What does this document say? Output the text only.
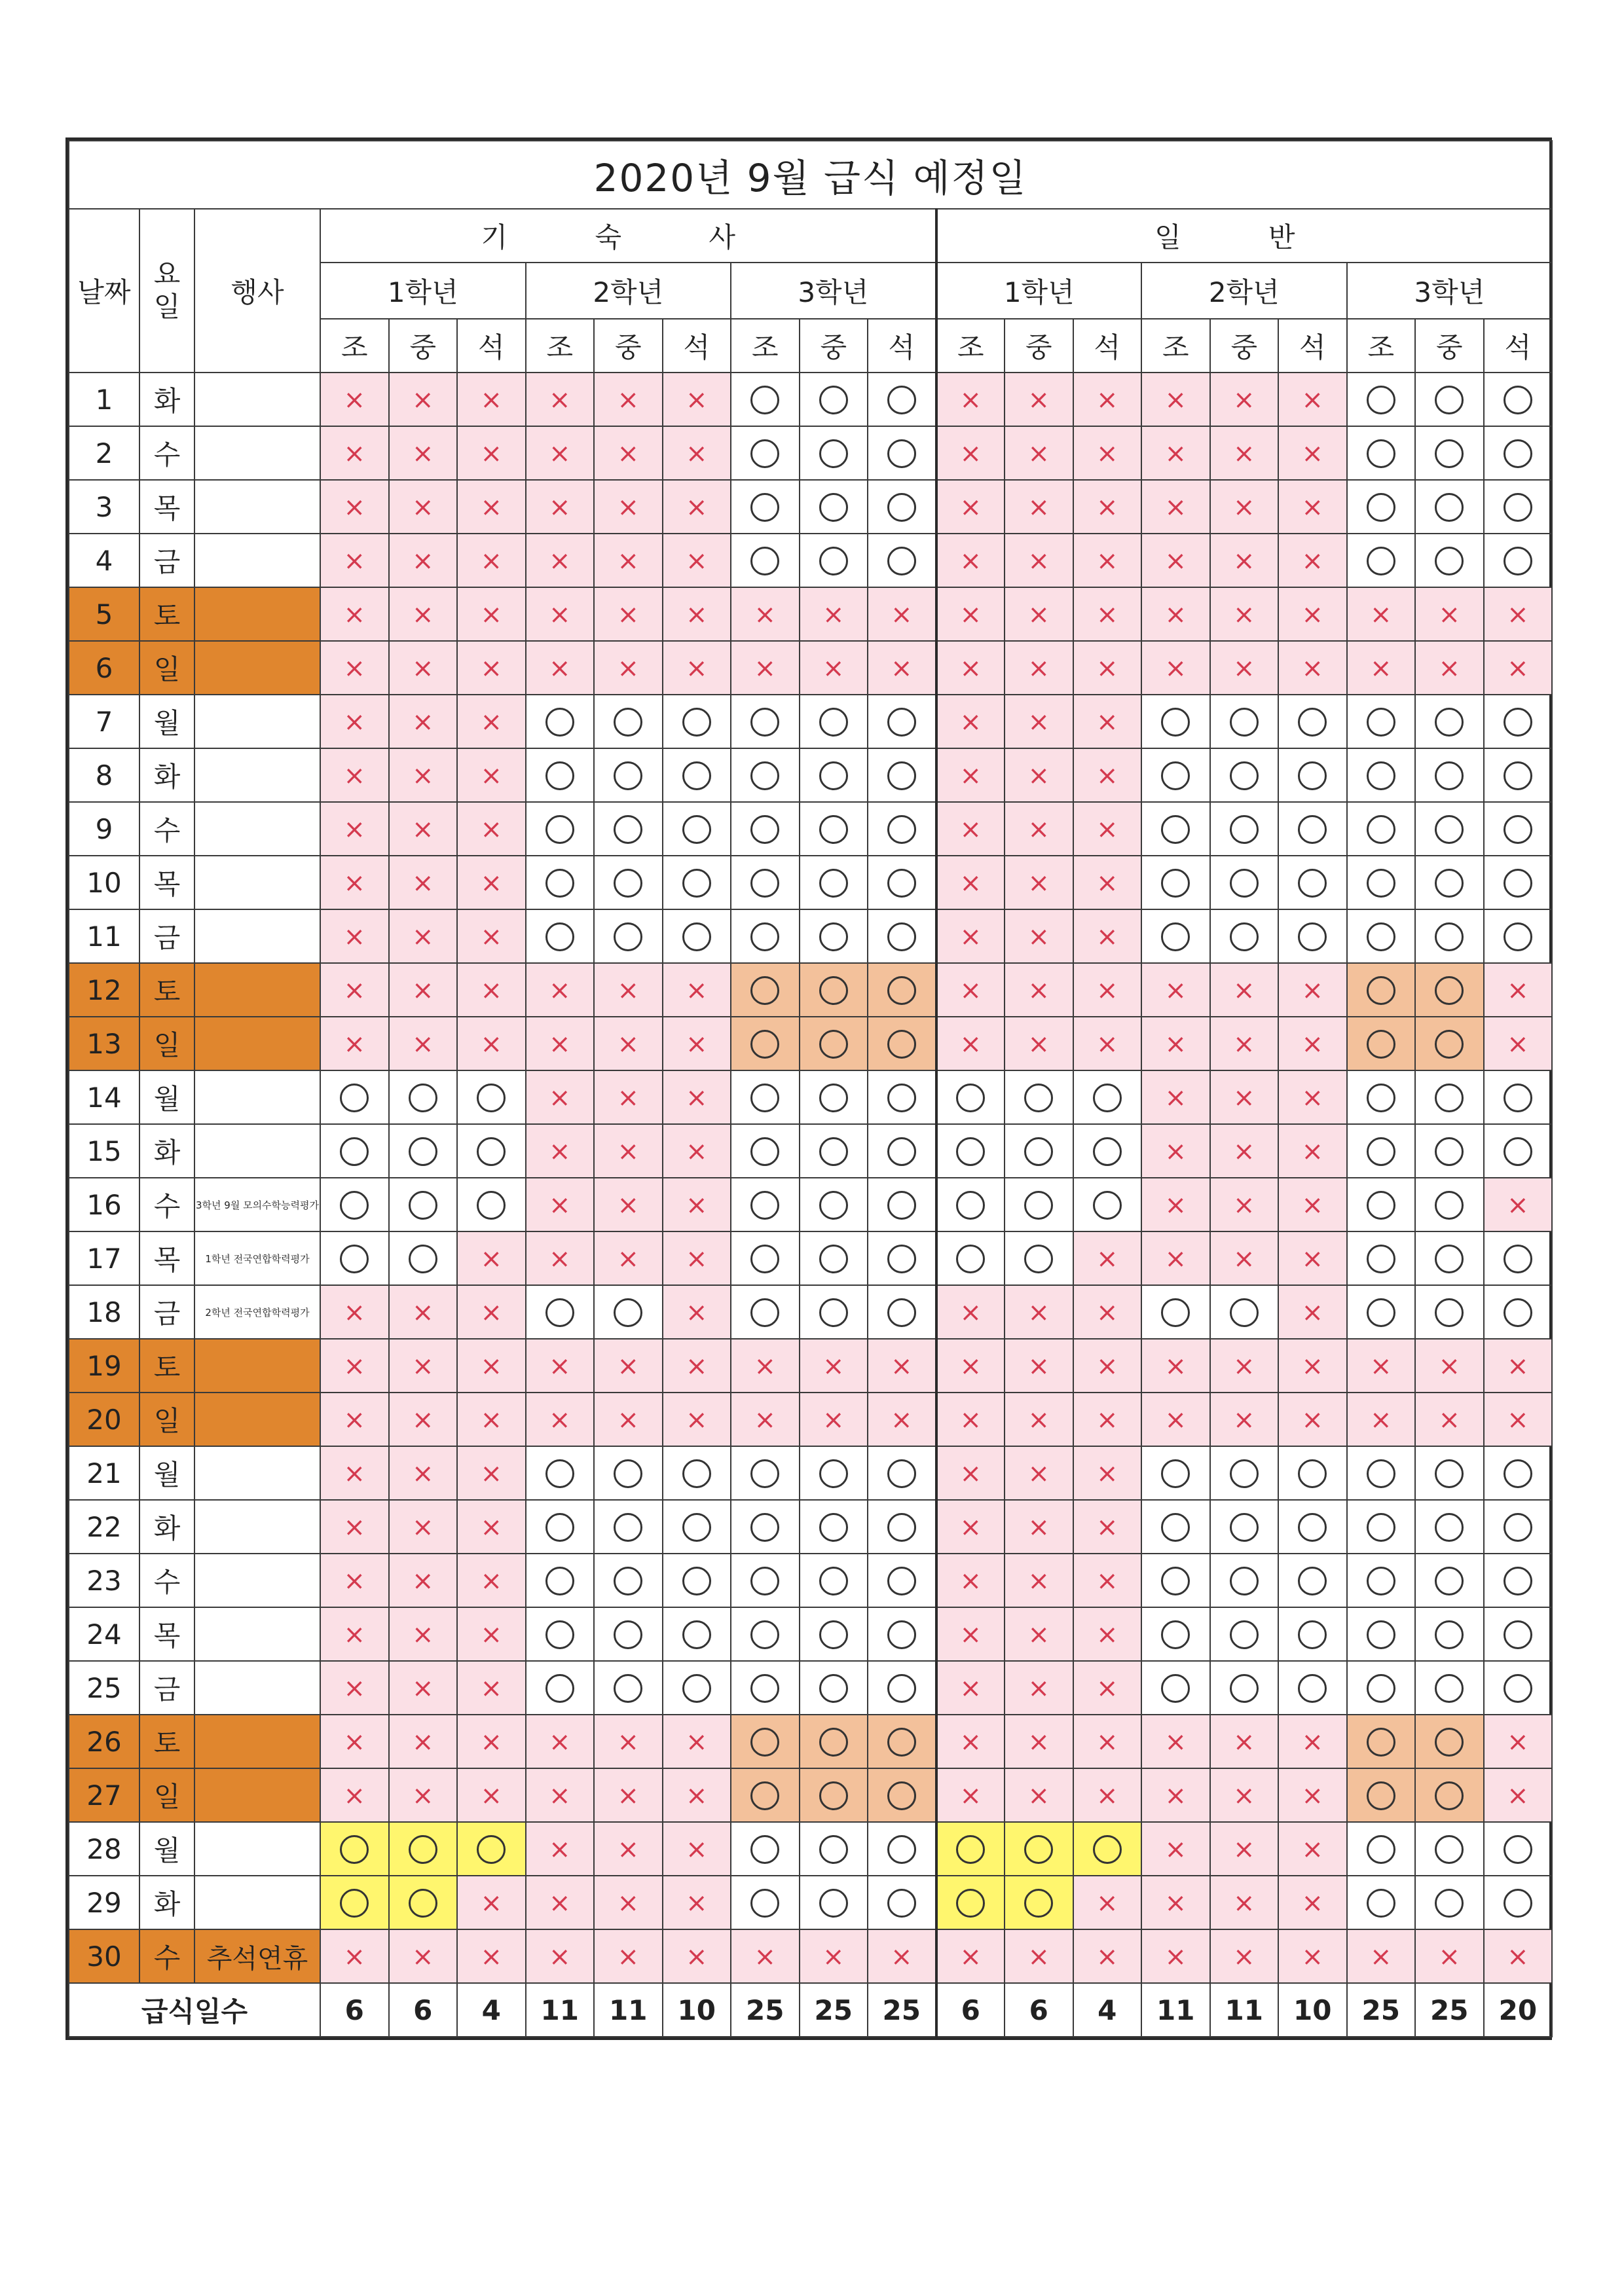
2020년 9월 급식 예정일																				
날짜	요일	행사	기 숙 사									일 반								
			1학년			2학년			3학년			1학년			2학년			3학년		
			조	중	석	조	중	석	조	중	석	조	중	석	조	중	석	조	중	석
1	화		×	×	×	×	×	×				×	×	×	×	×	×			
2	수		×	×	×	×	×	×				×	×	×	×	×	×			
3	목		×	×	×	×	×	×				×	×	×	×	×	×			
4	금		×	×	×	×	×	×				×	×	×	×	×	×			
5	토		×	×	×	×	×	×	×	×	×	×	×	×	×	×	×	×	×	×
6	일		×	×	×	×	×	×	×	×	×	×	×	×	×	×	×	×	×	×
7	월		×	×	×							×	×	×						
8	화		×	×	×							×	×	×						
9	수		×	×	×							×	×	×						
10	목		×	×	×							×	×	×						
11	금		×	×	×							×	×	×						
12	토		×	×	×	×	×	×				×	×	×	×	×	×			×
13	일		×	×	×	×	×	×				×	×	×	×	×	×			×
14	월					×	×	×							×	×	×			
15	화					×	×	×							×	×	×			
16	수	3학년 9월 모의수학능력평가				×	×	×							×	×	×			×
17	목	1학년 전국연합학력평가			×	×	×	×						×	×	×	×			
18	금	2학년 전국연합학력평가	×	×	×			×				×	×	×			×			
19	토		×	×	×	×	×	×	×	×	×	×	×	×	×	×	×	×	×	×
20	일		×	×	×	×	×	×	×	×	×	×	×	×	×	×	×	×	×	×
21	월		×	×	×							×	×	×						
22	화		×	×	×							×	×	×						
23	수		×	×	×							×	×	×						
24	목		×	×	×							×	×	×						
25	금		×	×	×							×	×	×						
26	토		×	×	×	×	×	×				×	×	×	×	×	×			×
27	일		×	×	×	×	×	×				×	×	×	×	×	×			×
28	월					×	×	×							×	×	×			
29	화				×	×	×	×						×	×	×	×			
30	수	추석연휴	×	×	×	×	×	×	×	×	×	×	×	×	×	×	×	×	×	×
급식일수			6	6	4	11	11	10	25	25	25	6	6	4	11	11	10	25	25	20
